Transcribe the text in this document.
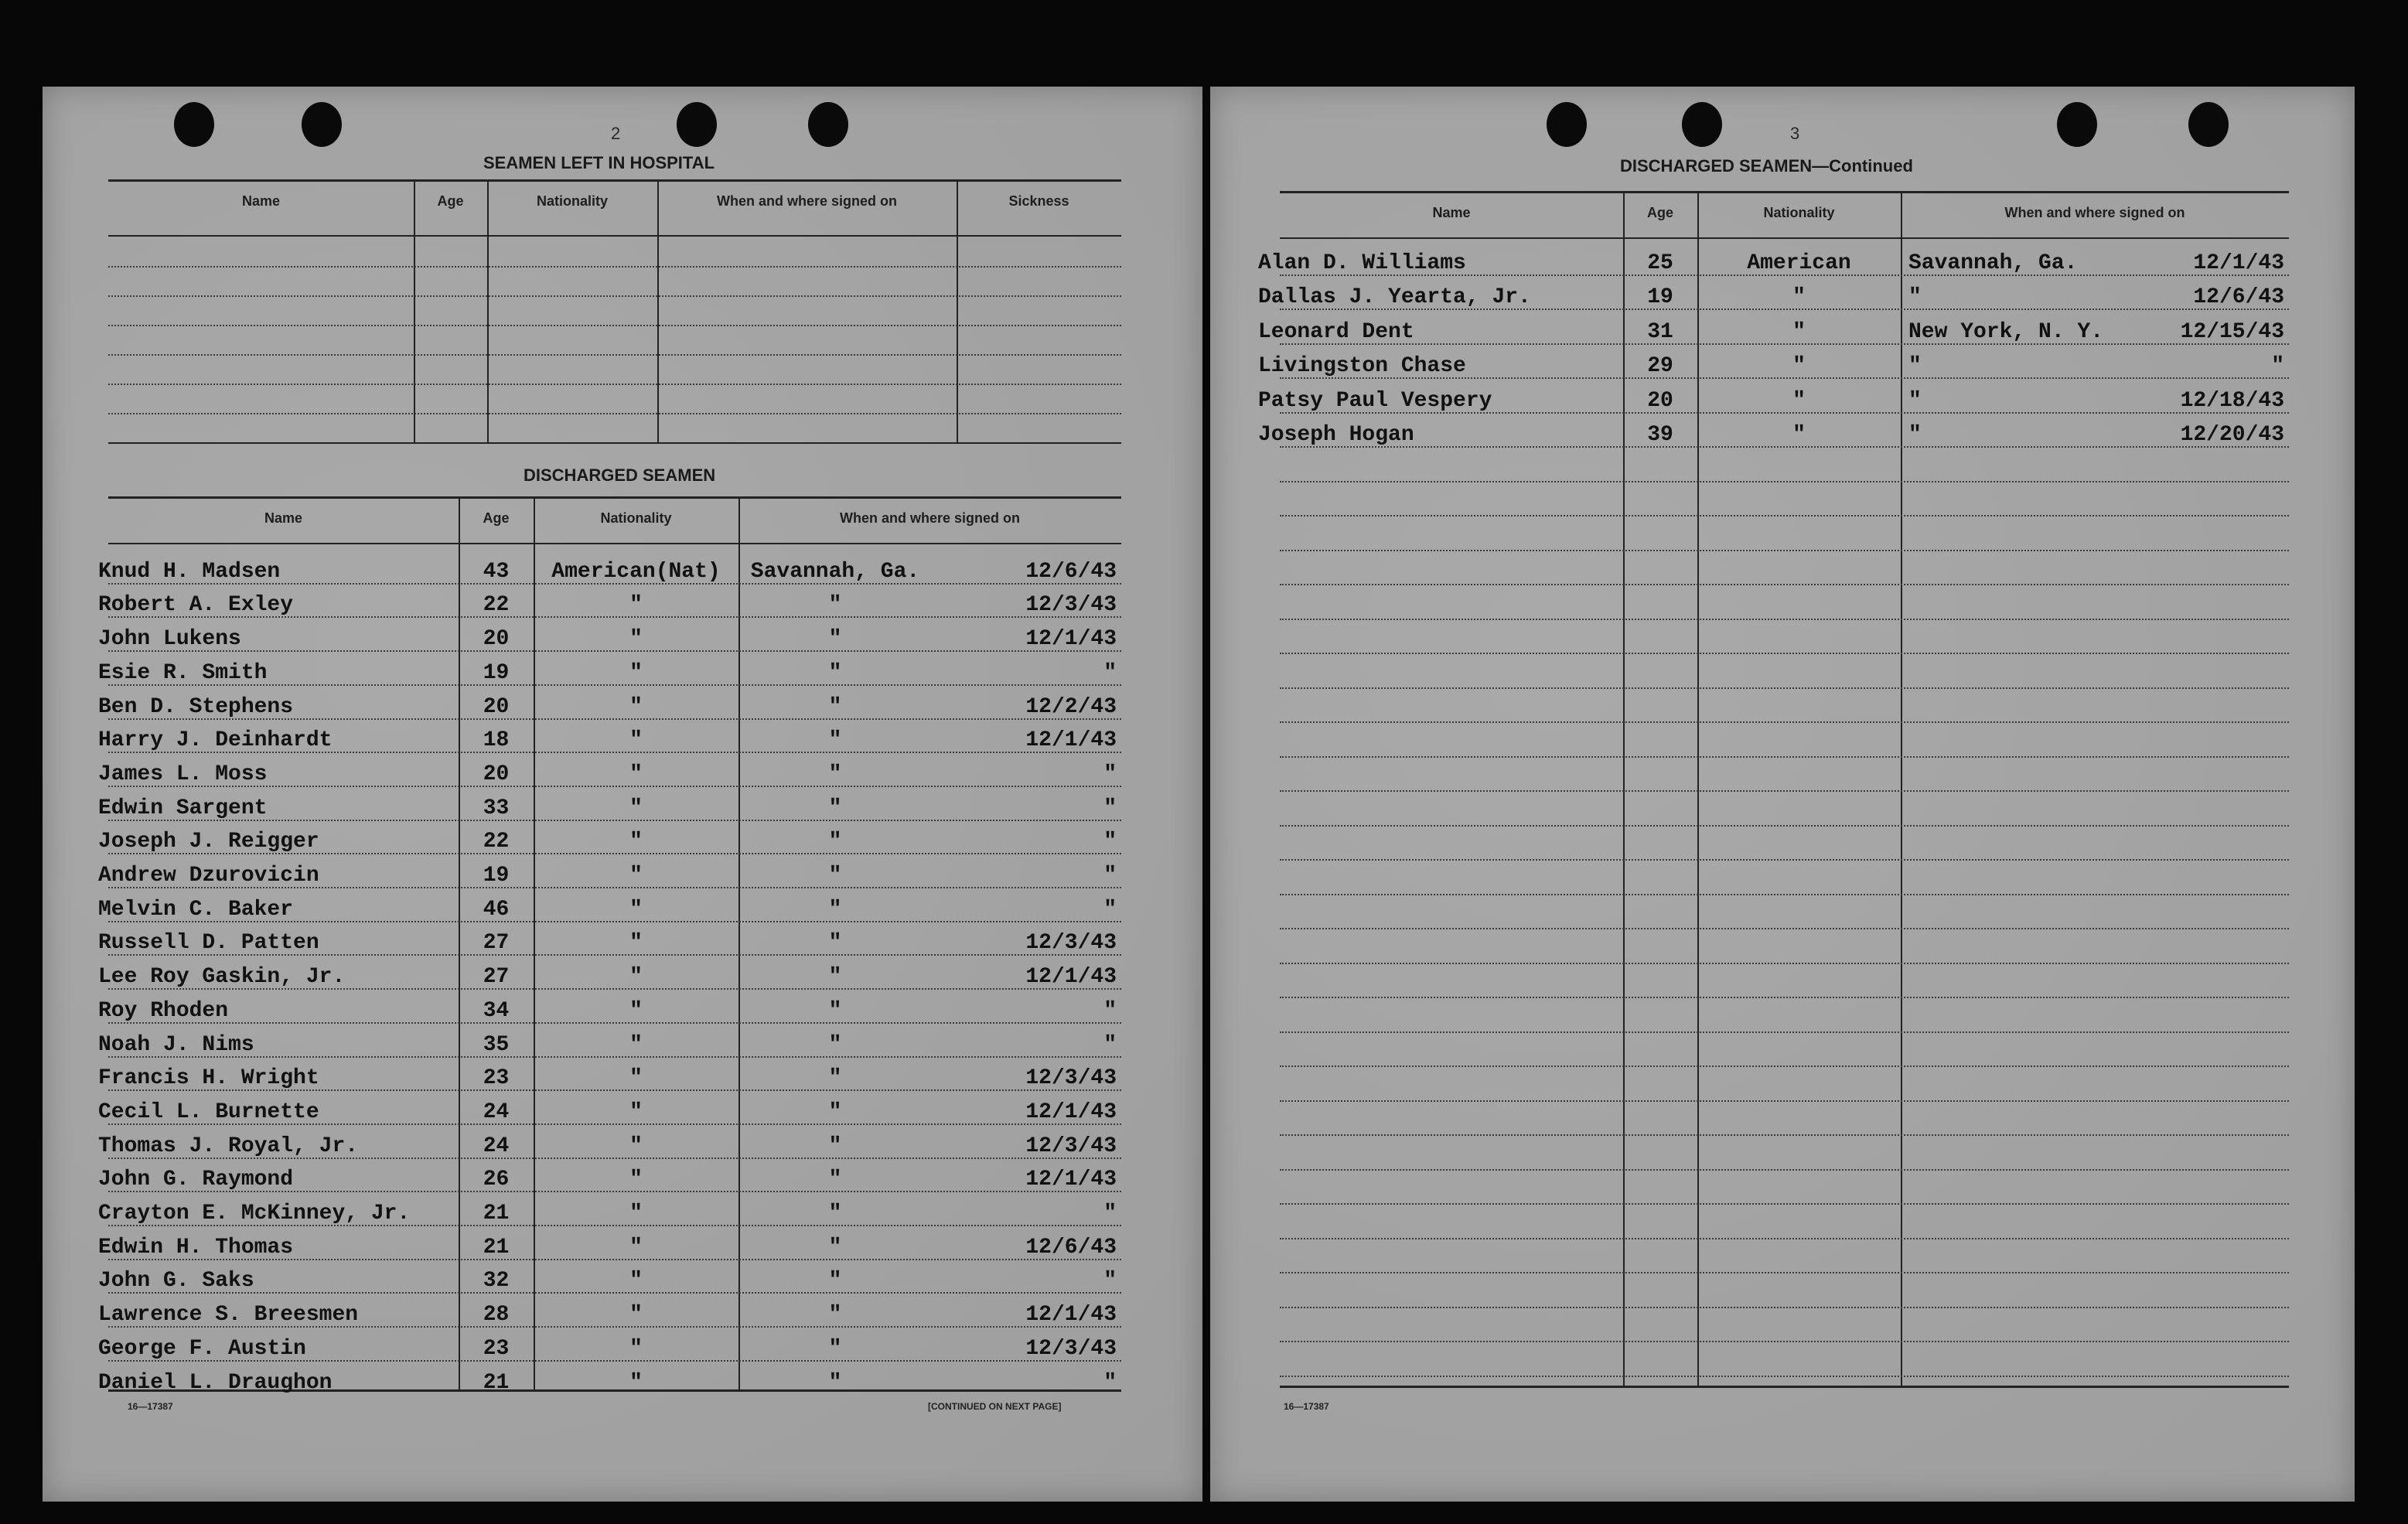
2
SEAMEN LEFT IN HOSPITAL
Name	Age	Nationality	When and where signed on	Sickness
DISCHARGED SEAMEN
Name	Age	Nationality	When and where signed on
Knud H. Madsen	43	American(Nat)	Savannah, Ga.	12/6/43
Robert A. Exley	22	"	"	12/3/43
John Lukens	20	"	"	12/1/43
Esie R. Smith	19	"	"	"
Ben D. Stephens	20	"	"	12/2/43
Harry J. Deinhardt	18	"	"	12/1/43
James L. Moss	20	"	"	"
Edwin Sargent	33	"	"	"
Joseph J. Reigger	22	"	"	"
Andrew Dzurovicin	19	"	"	"
Melvin C. Baker	46	"	"	"
Russell D. Patten	27	"	"	12/3/43
Lee Roy Gaskin, Jr.	27	"	"	12/1/43
Roy Rhoden	34	"	"	"
Noah J. Nims	35	"	"	"
Francis H. Wright	23	"	"	12/3/43
Cecil L. Burnette	24	"	"	12/1/43
Thomas J. Royal, Jr.	24	"	"	12/3/43
John G. Raymond	26	"	"	12/1/43
Crayton E. McKinney, Jr.	21	"	"	"
Edwin H. Thomas	21	"	"	12/6/43
John G. Saks	32	"	"	"
Lawrence S. Breesmen	28	"	"	12/1/43
George F. Austin	23	"	"	12/3/43
Daniel L. Draughon	21	"	"	"
16—17387	[CONTINUED ON NEXT PAGE]
3
DISCHARGED SEAMEN—Continued
Name	Age	Nationality	When and where signed on
Alan D. Williams	25	American	Savannah, Ga.	12/1/43
Dallas J. Yearta, Jr.	19	"	"	12/6/43
Leonard Dent	31	"	New York, N. Y.	12/15/43
Livingston Chase	29	"	"	"
Patsy Paul Vespery	20	"	"	12/18/43
Joseph Hogan	39	"	"	12/20/43
16—17387
